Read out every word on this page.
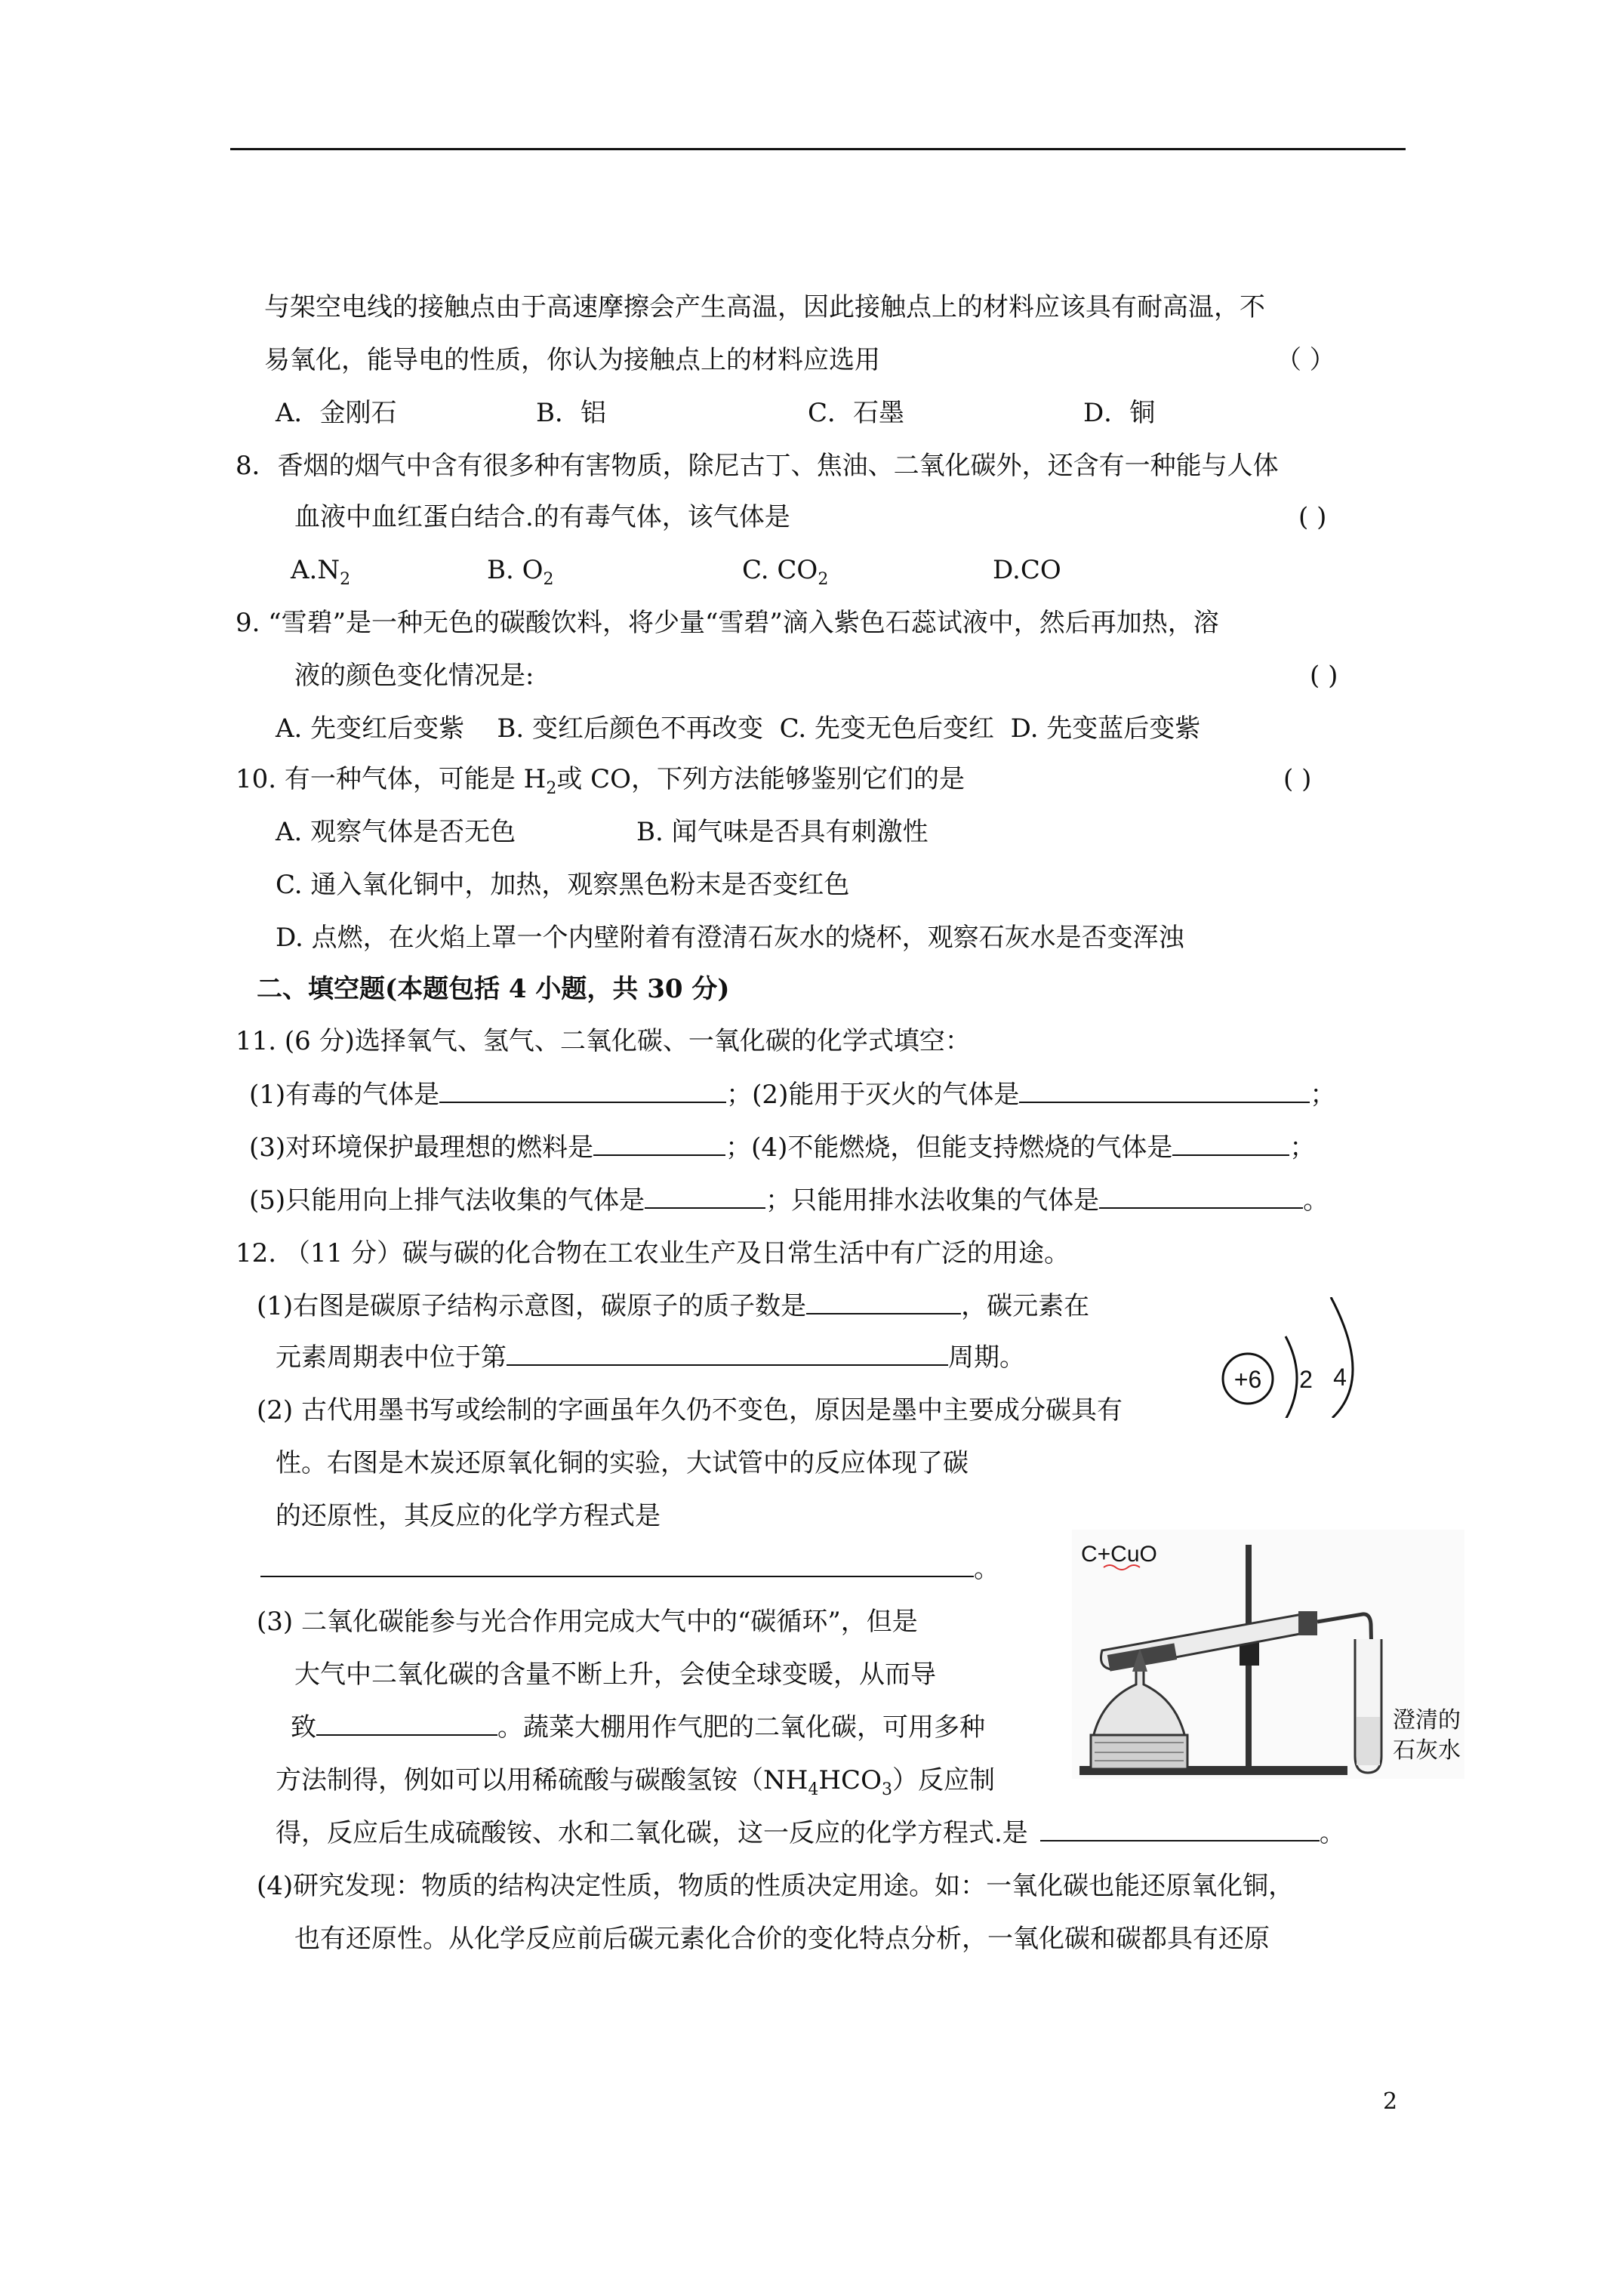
与架空电线的接触点由于高速摩擦会产生高温，因此接触点上的材料应该具有耐高温，不
易氧化，能导电的性质，你认为接触点上的材料应选用	（ ）
A．金刚石	B．铝	C．石墨	D．铜
8．香烟的烟气中含有很多种有害物质，除尼古丁、焦油、二氧化碳外，还含有一种能与人体
血液中血红蛋白结合.的有毒气体，该气体是	( )
$A.N_2$	B. $O_2$	C. $CO_2$	D.CO
9. “雪碧”是一种无色的碳酸饮料，将少量“雪碧”滴入紫色石蕊试液中，然后再加热，溶
液的颜色变化情况是:	( )
A. 先变红后变紫    B. 变红后颜色不再改变  C. 先变无色后变红  D. 先变蓝后变紫
10. 有一种气体，可能是 $H_2$或 CO，下列方法能够鉴别它们的是	( )
A. 观察气体是否无色	B. 闻气味是否具有刺激性
C. 通入氧化铜中，加热，观察黑色粉末是否变红色
D. 点燃，在火焰上罩一个内壁附着有澄清石灰水的烧杯，观察石灰水是否变浑浊
二、填空题(本题包括 4 小题，共 30 分)
11. (6 分)选择氧气、氢气、二氧化碳、一氧化碳的化学式填空：
(1)有毒的气体是	；(2)能用于灭火的气体是	；
(3)对环境保护最理想的燃料是	；(4)不能燃烧，但能支持燃烧的气体是	；
(5)只能用向上排气法收集的气体是	；只能用排水法收集的气体是	。
12. （11 分）碳与碳的化合物在工农业生产及日常生活中有广泛的用途。
(1)右图是碳原子结构示意图，碳原子的质子数是	，碳元素在
元素周期表中位于第	周期。
(2) 古代用墨书写或绘制的字画虽年久仍不变色，原因是墨中主要成分碳具有
性。右图是木炭还原氧化铜的实验，大试管中的反应体现了碳
的还原性，其反应的化学方程式是
。
(3) 二氧化碳能参与光合作用完成大气中的“碳循环”，但是
大气中二氧化碳的含量不断上升，会使全球变暖，从而导
致	。蔬菜大棚用作气肥的二氧化碳，可用多种
方法制得，例如可以用稀硫酸与碳酸氢铵$(NH_4HCO_3)$反应制
得，反应后生成硫酸铵、水和二氧化碳，这一反应的化学方程式.是	。
(4)研究发现：物质的结构决定性质，物质的性质决定用途。如：一氧化碳也能还原氧化铜，
也有还原性。从化学反应前后碳元素化合价的变化特点分析，一氧化碳和碳都具有还原
+6 2 4
C+CuO
澄清的
石灰水
2
